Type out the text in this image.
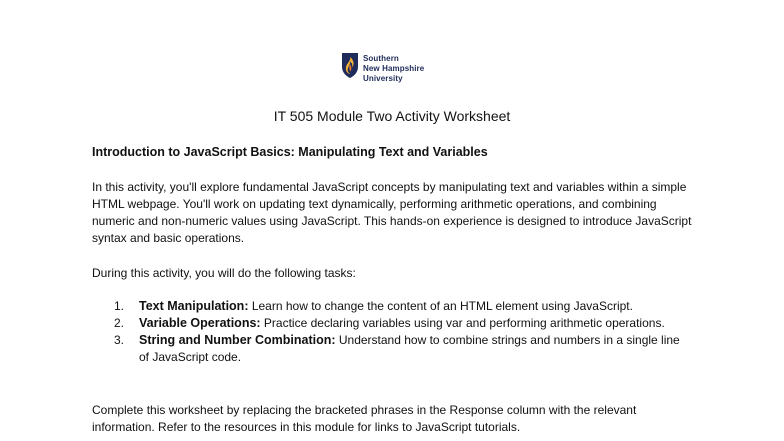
Southern
New Hampshire
University
IT 505 Module Two Activity Worksheet
Introduction to JavaScript Basics: Manipulating Text and Variables
In this activity, you'll explore fundamental JavaScript concepts by manipulating text and variables within a simple HTML webpage. You'll work on updating text dynamically, performing arithmetic operations, and combining numeric and non-numeric values using JavaScript. This hands-on experience is designed to introduce JavaScript syntax and basic operations.
During this activity, you will do the following tasks:
1. Text Manipulation: Learn how to change the content of an HTML element using JavaScript.
2. Variable Operations: Practice declaring variables using var and performing arithmetic operations.
3. String and Number Combination: Understand how to combine strings and numbers in a single line of JavaScript code.
Complete this worksheet by replacing the bracketed phrases in the Response column with the relevant information. Refer to the resources in this module for links to JavaScript tutorials.
